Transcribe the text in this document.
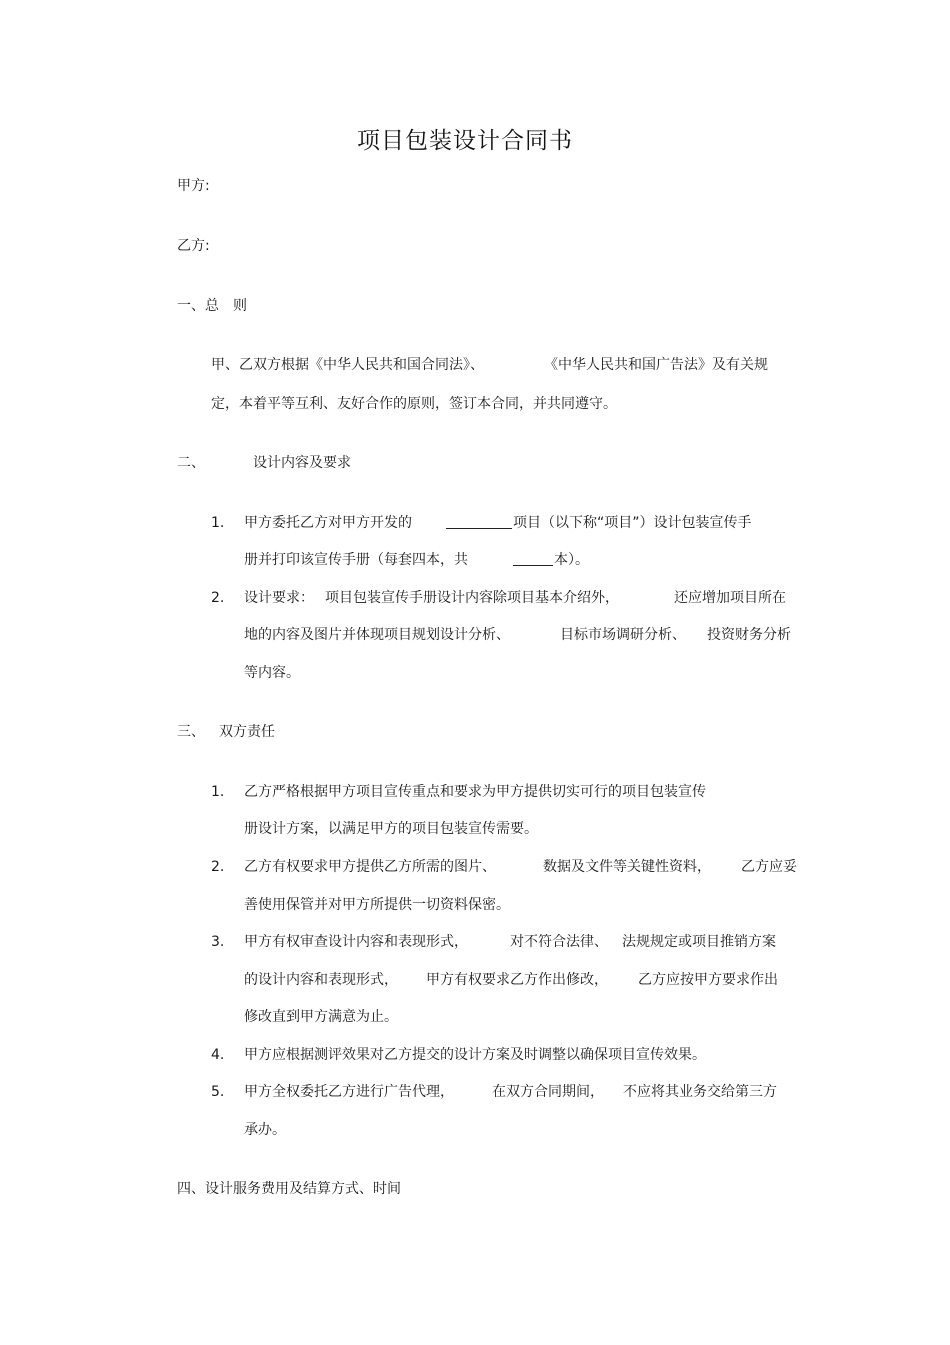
项目包装设计合同书
甲方:
乙方:
一、总　则
甲、乙双方根据《中华人民共和国合同法》、	《中华人民共和国广告法》及有关规
定，本着平等互利、友好合作的原则，签订本合同，并共同遵守。
二、	设计内容及要求
1. 甲方委托乙方对甲方开发的	项目（以下称“项目”）设计包装宣传手
册并打印该宣传手册（每套四本，共	本）。
2. 设计要求： 项目包装宣传手册设计内容除项目基本介绍外，	还应增加项目所在
地的内容及图片并体现项目规划设计分析、	目标市场调研分析、 投资财务分析
等内容。
三、 双方责任
1. 乙方严格根据甲方项目宣传重点和要求为甲方提供切实可行的项目包装宣传
册设计方案，以满足甲方的项目包装宣传需要。
2. 乙方有权要求甲方提供乙方所需的图片、	数据及文件等关键性资料， 乙方应妥
善使用保管并对甲方所提供一切资料保密。
3. 甲方有权审查设计内容和表现形式，	对不符合法律、 法规规定或项目推销方案
的设计内容和表现形式， 甲方有权要求乙方作出修改， 乙方应按甲方要求作出
修改直到甲方满意为止。
4. 甲方应根据测评效果对乙方提交的设计方案及时调整以确保项目宣传效果。
5. 甲方全权委托乙方进行广告代理，	在双方合同期间， 不应将其业务交给第三方
承办。
四、设计服务费用及结算方式、时间
